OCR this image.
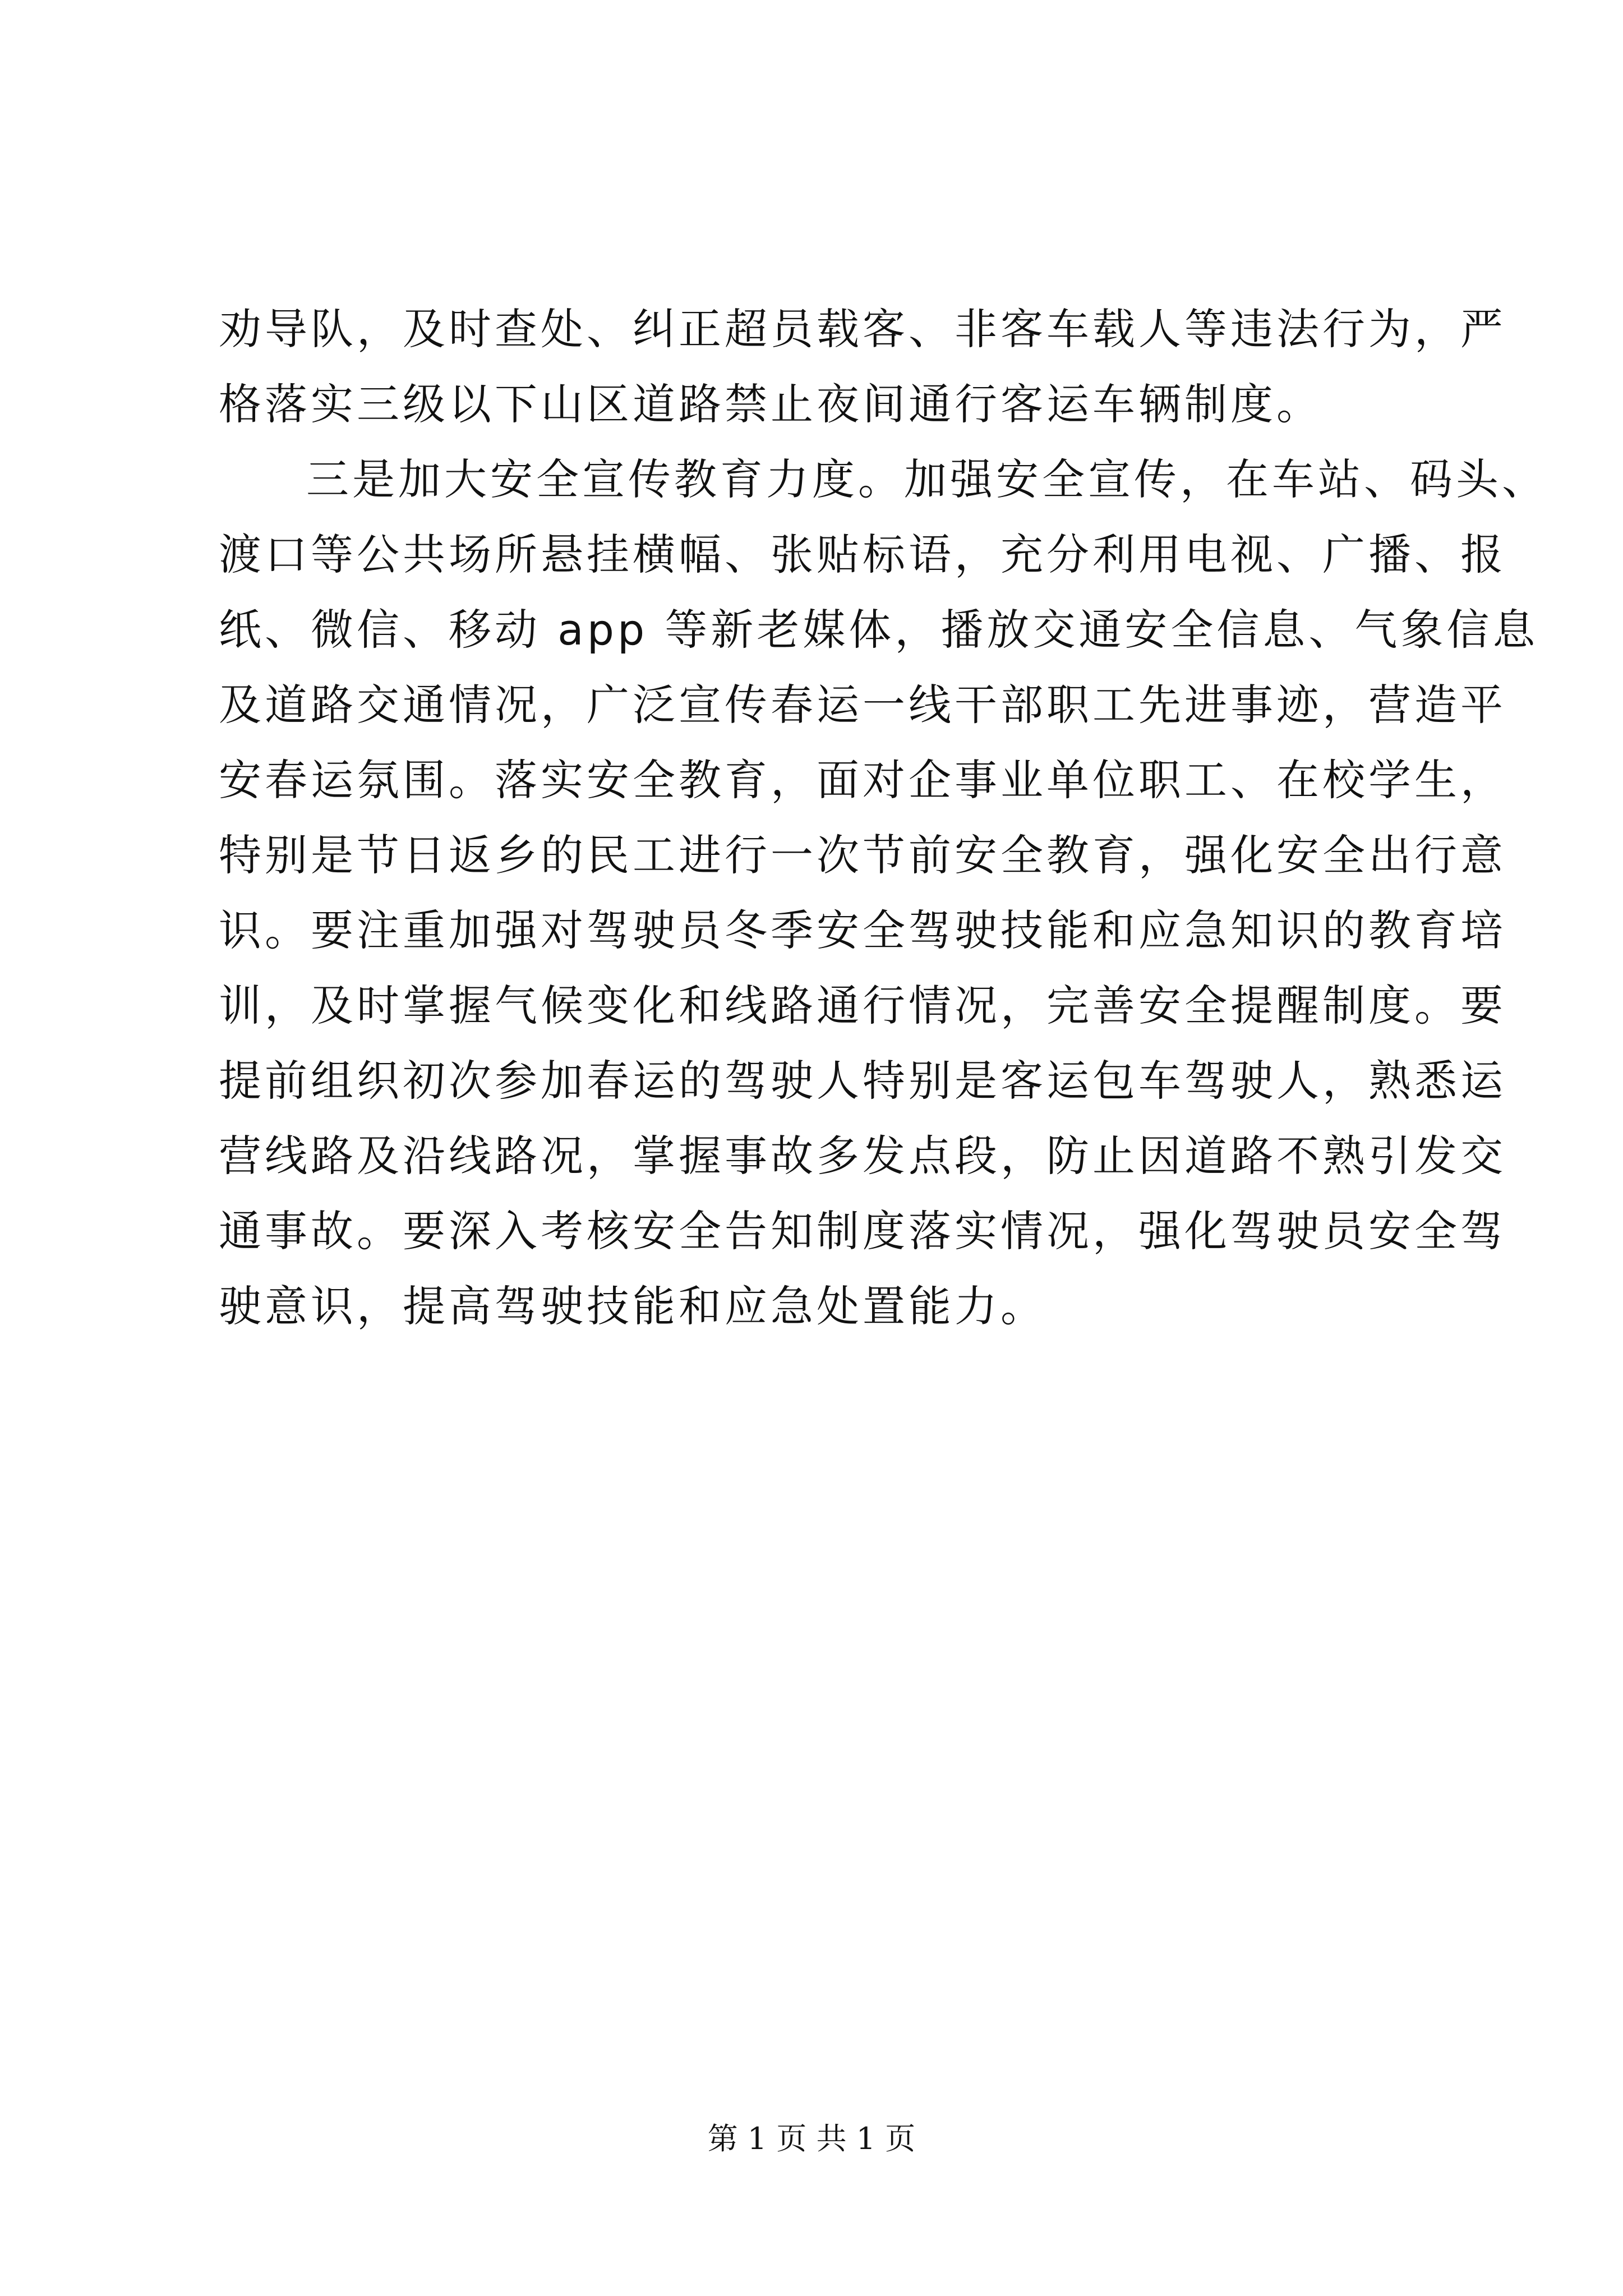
劝导队，及时查处、纠正超员载客、非客车载人等违法行为，严
格落实三级以下山区道路禁止夜间通行客运车辆制度。
三是加大安全宣传教育力度。加强安全宣传，在车站、码头、
渡口等公共场所悬挂横幅、张贴标语，充分利用电视、广播、报
纸、微信、移动 app 等新老媒体，播放交通安全信息、气象信息
及道路交通情况，广泛宣传春运一线干部职工先进事迹，营造平
安春运氛围。落实安全教育，面对企事业单位职工、在校学生，
特别是节日返乡的民工进行一次节前安全教育，强化安全出行意
识。要注重加强对驾驶员冬季安全驾驶技能和应急知识的教育培
训，及时掌握气候变化和线路通行情况，完善安全提醒制度。要
提前组织初次参加春运的驾驶人特别是客运包车驾驶人，熟悉运
营线路及沿线路况，掌握事故多发点段，防止因道路不熟引发交
通事故。要深入考核安全告知制度落实情况，强化驾驶员安全驾
驶意识，提高驾驶技能和应急处置能力。
第 1 页 共 1 页
